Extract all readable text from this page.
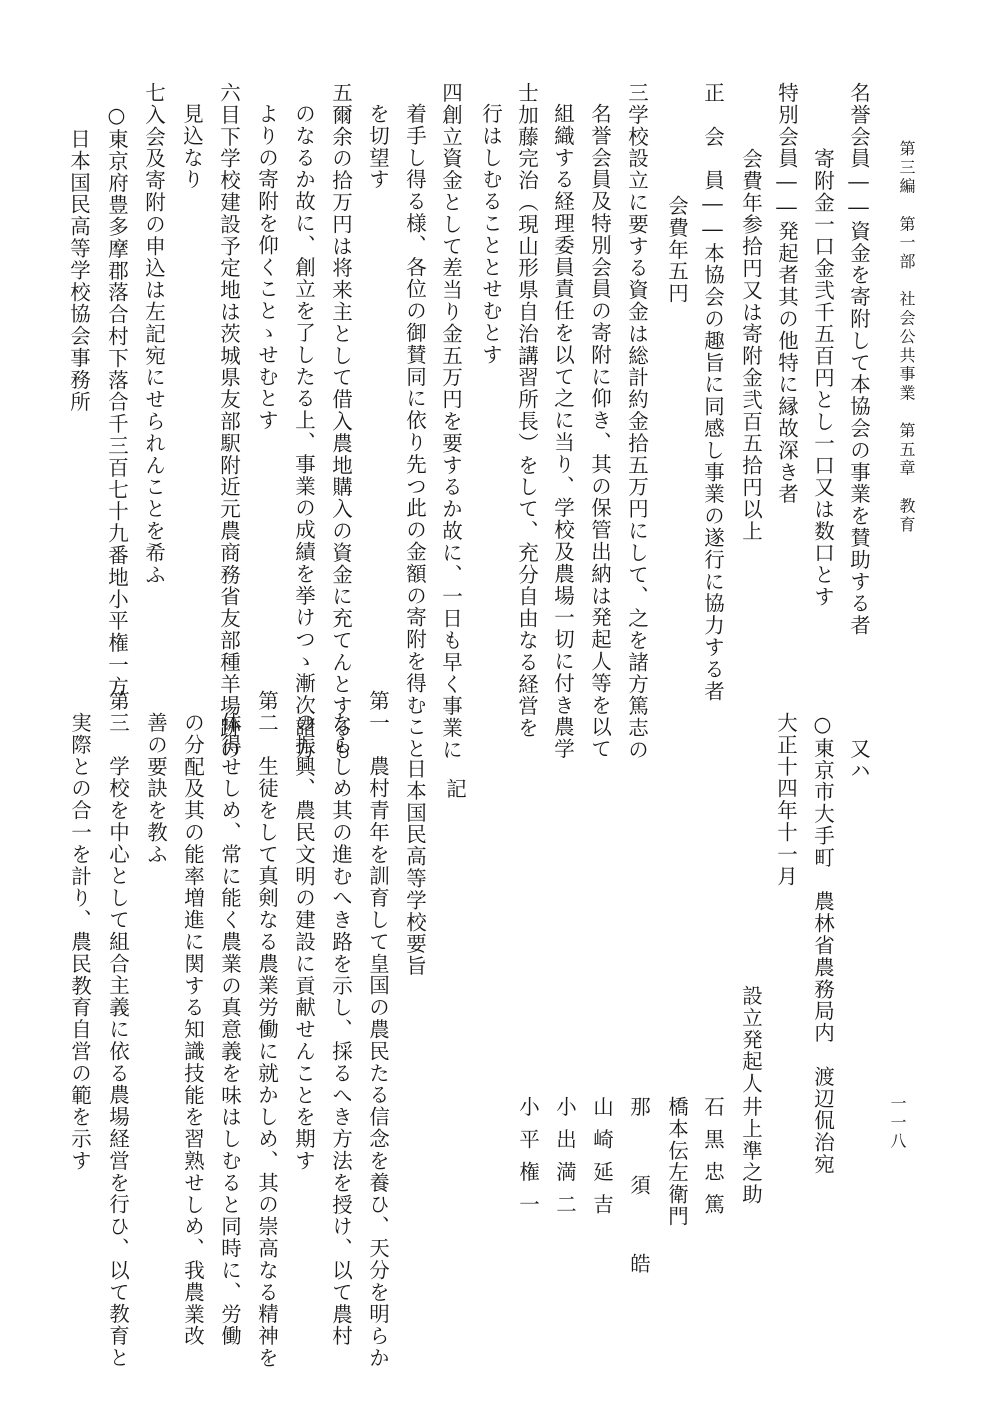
一一八
第三編　第一部　社会公共事業　第五章　教育
名誉会員――資金を寄附して本協会の事業を賛助する者
寄附金一口金弐千五百円とし一口又は数口とす
特別会員――発起者其の他特に縁故深き者
会費年参拾円又は寄附金弐百五拾円以上
正　会　員――本協会の趣旨に同感し事業の遂行に協力する者
会費年五円
三学校設立に要する資金は総計約金拾五万円にして、之を諸方篤志の
名誉会員及特別会員の寄附に仰き、其の保管出納は発起人等を以て
組織する経理委員責任を以て之に当り、学校及農場一切に付き農学
士加藤完治（現山形県自治講習所長）をして、充分自由なる経営を
行はしむることとせむとす
四創立資金として差当り金五万円を要するか故に、一日も早く事業に
着手し得る様、各位の御賛同に依り先つ此の金額の寄附を得むこと
を切望す
五爾余の拾万円は将来主として借入農地購入の資金に充てんとするも
のなるか故に、創立を了したる上、事業の成績を挙けつゝ漸次諸方
よりの寄附を仰くことゝせむとす
六目下学校建設予定地は茨城県友部駅附近元農商務省友部種羊場跡の
見込なり
七入会及寄附の申込は左記宛にせられんことを希ふ
○東京府豊多摩郡落合村下落合千三百七十九番地小平権一方
日本国民高等学校協会事務所
又ハ
○東京市大手町　農林省農務局内　渡辺侃治宛
大正十四年十一月
設立発起人
井上準之助
石黒忠篤
橋本伝左衛門
那須皓
山崎延吉
小出満二
小平権一
記
日本国民高等学校要旨
第一　農村青年を訓育して皇国の農民たる信念を養ひ、天分を明らか
ならしめ其の進むへき路を示し、採るへき方法を授け、以て農村
の振興、農民文明の建設に貢献せんことを期す
第二　生徒をして真剣なる農業労働に就かしめ、其の崇高なる精神を
体得せしめ、常に能く農業の真意義を味はしむると同時に、労働
の分配及其の能率増進に関する知識技能を習熟せしめ、我農業改
善の要訣を教ふ
第三　学校を中心として組合主義に依る農場経営を行ひ、以て教育と
実際との合一を計り、農民教育自営の範を示す
